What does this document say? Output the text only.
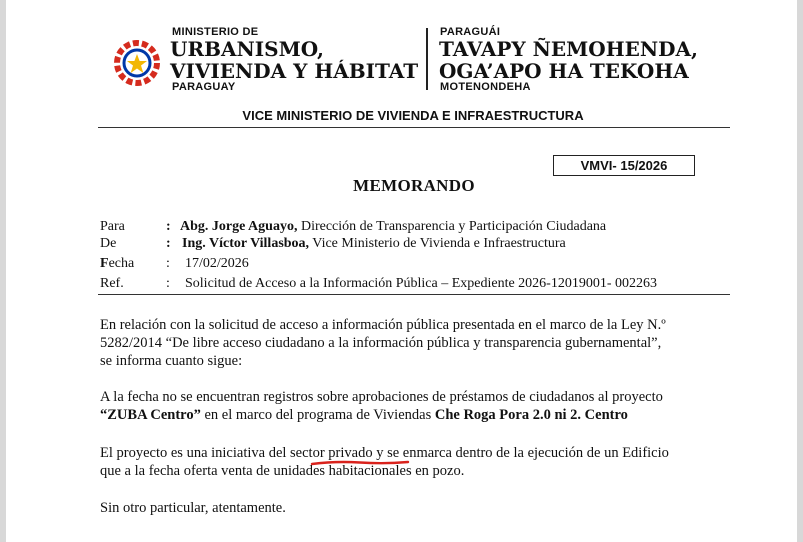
MINISTERIO DE
URBANISMO,
VIVIENDA Y HÁBITAT
PARAGUAY
PARAGUÁI
TAVAPY ÑEMOHENDA,
OGA’APO HA TEKOHA
MOTENONDEHA
VICE MINISTERIO DE VIVIENDA E INFRAESTRUCTURA
VMVI- 15/2026
MEMORANDO
Para	: Abg. Jorge Aguayo, Dirección de Transparencia y Participación Ciudadana
De	: Ing. Víctor Villasboa, Vice Ministerio de Vivienda e Infraestructura
Fecha : 17/02/2026
Ref.	: Solicitud de Acceso a la Información Pública – Expediente 2026-12019001- 002263
En relación con la solicitud de acceso a información pública presentada en el marco de la Ley N.º
5282/2014 “De libre acceso ciudadano a la información pública y transparencia gubernamental”,
se informa cuanto sigue:
A la fecha no se encuentran registros sobre aprobaciones de préstamos de ciudadanos al proyecto
“ZUBA Centro” en el marco del programa de Viviendas Che Roga Pora 2.0 ni 2. Centro
El proyecto es una iniciativa del sector privado y se enmarca dentro de la ejecución de un Edificio
que a la fecha oferta venta de unidades habitacionales en pozo.
Sin otro particular, atentamente.
